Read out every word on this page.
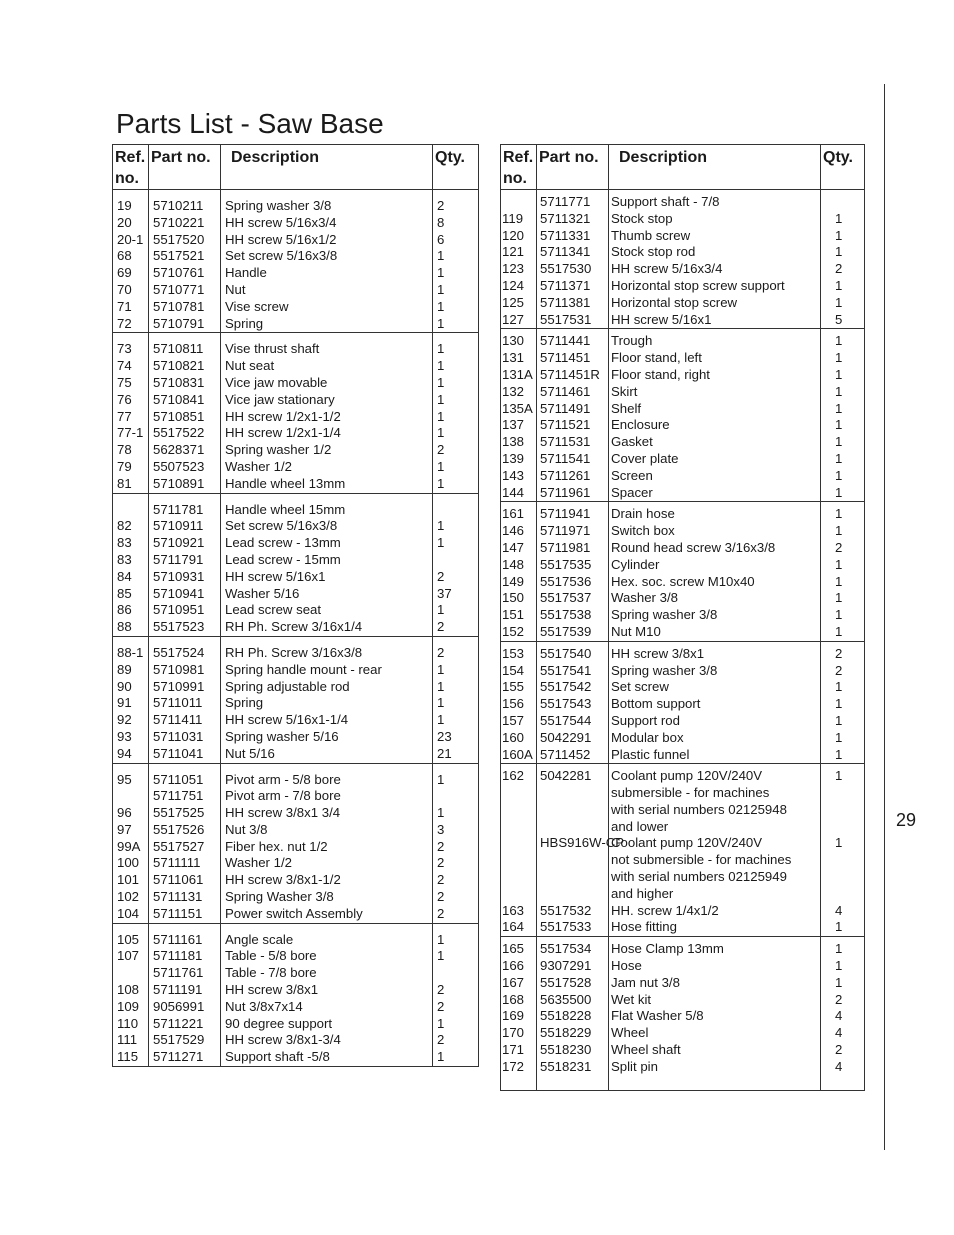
Parts List - Saw Base
Ref.
no.	Part no.	Description	Qty.
19	5710211	Spring washer 3/8	2
20	5710221	HH screw 5/16x3/4	8
20-1	5517520	HH screw 5/16x1/2	6
68	5517521	Set screw 5/16x3/8	1
69	5710761	Handle	1
70	5710771	Nut	1
71	5710781	Vise screw	1
72	5710791	Spring	1
73	5710811	Vise thrust shaft	1
74	5710821	Nut seat	1
75	5710831	Vice jaw movable	1
76	5710841	Vice jaw stationary	1
77	5710851	HH screw 1/2x1-1/2	1
77-1	5517522	HH screw 1/2x1-1/4	1
78	5628371	Spring washer 1/2	2
79	5507523	Washer 1/2	1
81	5710891	Handle wheel 13mm	1
	5711781	Handle wheel 15mm	
82	5710911	Set screw 5/16x3/8	1
83	5710921	Lead screw - 13mm	1
83	5711791	Lead screw - 15mm	
84	5710931	HH screw 5/16x1	2
85	5710941	Washer 5/16	37
86	5710951	Lead screw seat	1
88	5517523	RH Ph. Screw 3/16x1/4	2
88-1	5517524	RH Ph. Screw 3/16x3/8	2
89	5710981	Spring handle mount - rear	1
90	5710991	Spring adjustable rod	1
91	5711011	Spring	1
92	5711411	HH screw 5/16x1-1/4	1
93	5711031	Spring washer 5/16	23
94	5711041	Nut 5/16	21
95	5711051	Pivot arm - 5/8 bore	1
	5711751	Pivot arm - 7/8 bore	
96	5517525	HH screw 3/8x1 3/4	1
97	5517526	Nut 3/8	3
99A	5517527	Fiber hex. nut 1/2	2
100	5711111	Washer 1/2	2
101	5711061	HH screw 3/8x1-1/2	2
102	5711131	Spring Washer 3/8	2
104	5711151	Power switch Assembly	2
105	5711161	Angle scale	1
107	5711181	Table - 5/8 bore	1
	5711761	Table - 7/8 bore	
108	5711191	HH screw 3/8x1	2
109	9056991	Nut 3/8x7x14	2
110	5711221	90 degree support	1
111	5517529	HH screw 3/8x1-3/4	2
115	5711271	Support shaft -5/8	1
Ref.
no.	Part no.	Description	Qty.
	5711771	Support shaft - 7/8	
119	5711321	Stock stop	1
120	5711331	Thumb screw	1
121	5711341	Stock stop rod	1
123	5517530	HH screw 5/16x3/4	2
124	5711371	Horizontal stop screw support	1
125	5711381	Horizontal stop screw	1
127	5517531	HH screw 5/16x1	5
130	5711441	Trough	1
131	5711451	Floor stand, left	1
131A	5711451R	Floor stand, right	1
132	5711461	Skirt	1
135A	5711491	Shelf	1
137	5711521	Enclosure	1
138	5711531	Gasket	1
139	5711541	Cover plate	1
143	5711261	Screen	1
144	5711961	Spacer	1
161	5711941	Drain hose	1
146	5711971	Switch box	1
147	5711981	Round head screw 3/16x3/8	2
148	5517535	Cylinder	1
149	5517536	Hex. soc. screw M10x40	1
150	5517537	Washer 3/8	1
151	5517538	Spring washer 3/8	1
152	5517539	Nut M10	1
153	5517540	HH screw 3/8x1	2
154	5517541	Spring washer 3/8	2
155	5517542	Set screw	1
156	5517543	Bottom support	1
157	5517544	Support rod	1
160	5042291	Modular box	1
160A	5711452	Plastic funnel	1
162	5042281	Coolant pump 120V/240V	1
		submersible - for machines	
		with serial numbers 02125948	
		and lower	
	HBS916W-CP	Coolant pump 120V/240V	1
		not submersible - for machines	
		with serial numbers 02125949	
		and higher	
163	5517532	HH. screw 1/4x1/2	4
164	5517533	Hose fitting	1
165	5517534	Hose Clamp 13mm	1
166	9307291	Hose	1
167	5517528	Jam nut 3/8	1
168	5635500	Wet kit	2
169	5518228	Flat Washer 5/8	4
170	5518229	Wheel	4
171	5518230	Wheel shaft	2
172	5518231	Split pin	4
29
